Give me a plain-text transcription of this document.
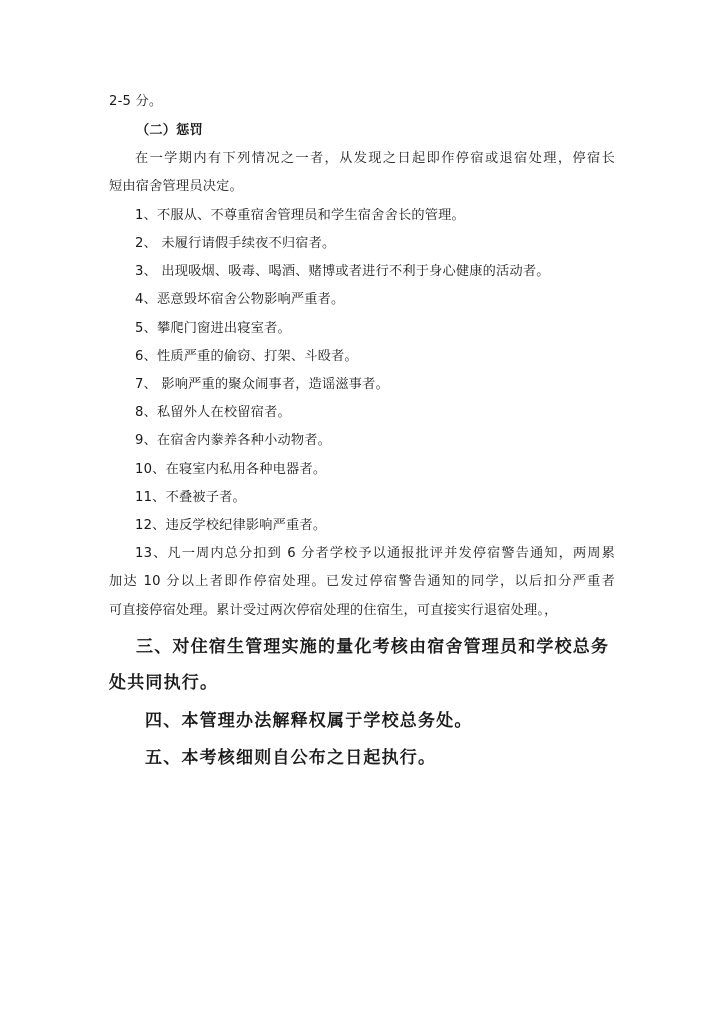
2-5 分。
（二）惩罚
在一学期内有下列情况之一者，从发现之日起即作停宿或退宿处理，停宿长
短由宿舍管理员决定。
1、不服从、不尊重宿舍管理员和学生宿舍舍长的管理。
2、 未履行请假手续夜不归宿者。
3、 出现吸烟、吸毒、喝酒、赌博或者进行不利于身心健康的活动者。
4、恶意毁坏宿舍公物影响严重者。
5、攀爬门窗进出寝室者。
6、性质严重的偷窃、打架、斗殴者。
7、 影响严重的聚众闹事者，造谣滋事者。
8、私留外人在校留宿者。
9、在宿舍内豢养各种小动物者。
10、在寝室内私用各种电器者。
11、不叠被子者。
12、违反学校纪律影响严重者。
13、凡一周内总分扣到 6 分者学校予以通报批评并发停宿警告通知，两周累
加达 10 分以上者即作停宿处理。已发过停宿警告通知的同学，以后扣分严重者
可直接停宿处理。累计受过两次停宿处理的住宿生，可直接实行退宿处理。，
三、对住宿生管理实施的量化考核由宿舍管理员和学校总务
处共同执行。
四、本管理办法解释权属于学校总务处。
五、本考核细则自公布之日起执行。
